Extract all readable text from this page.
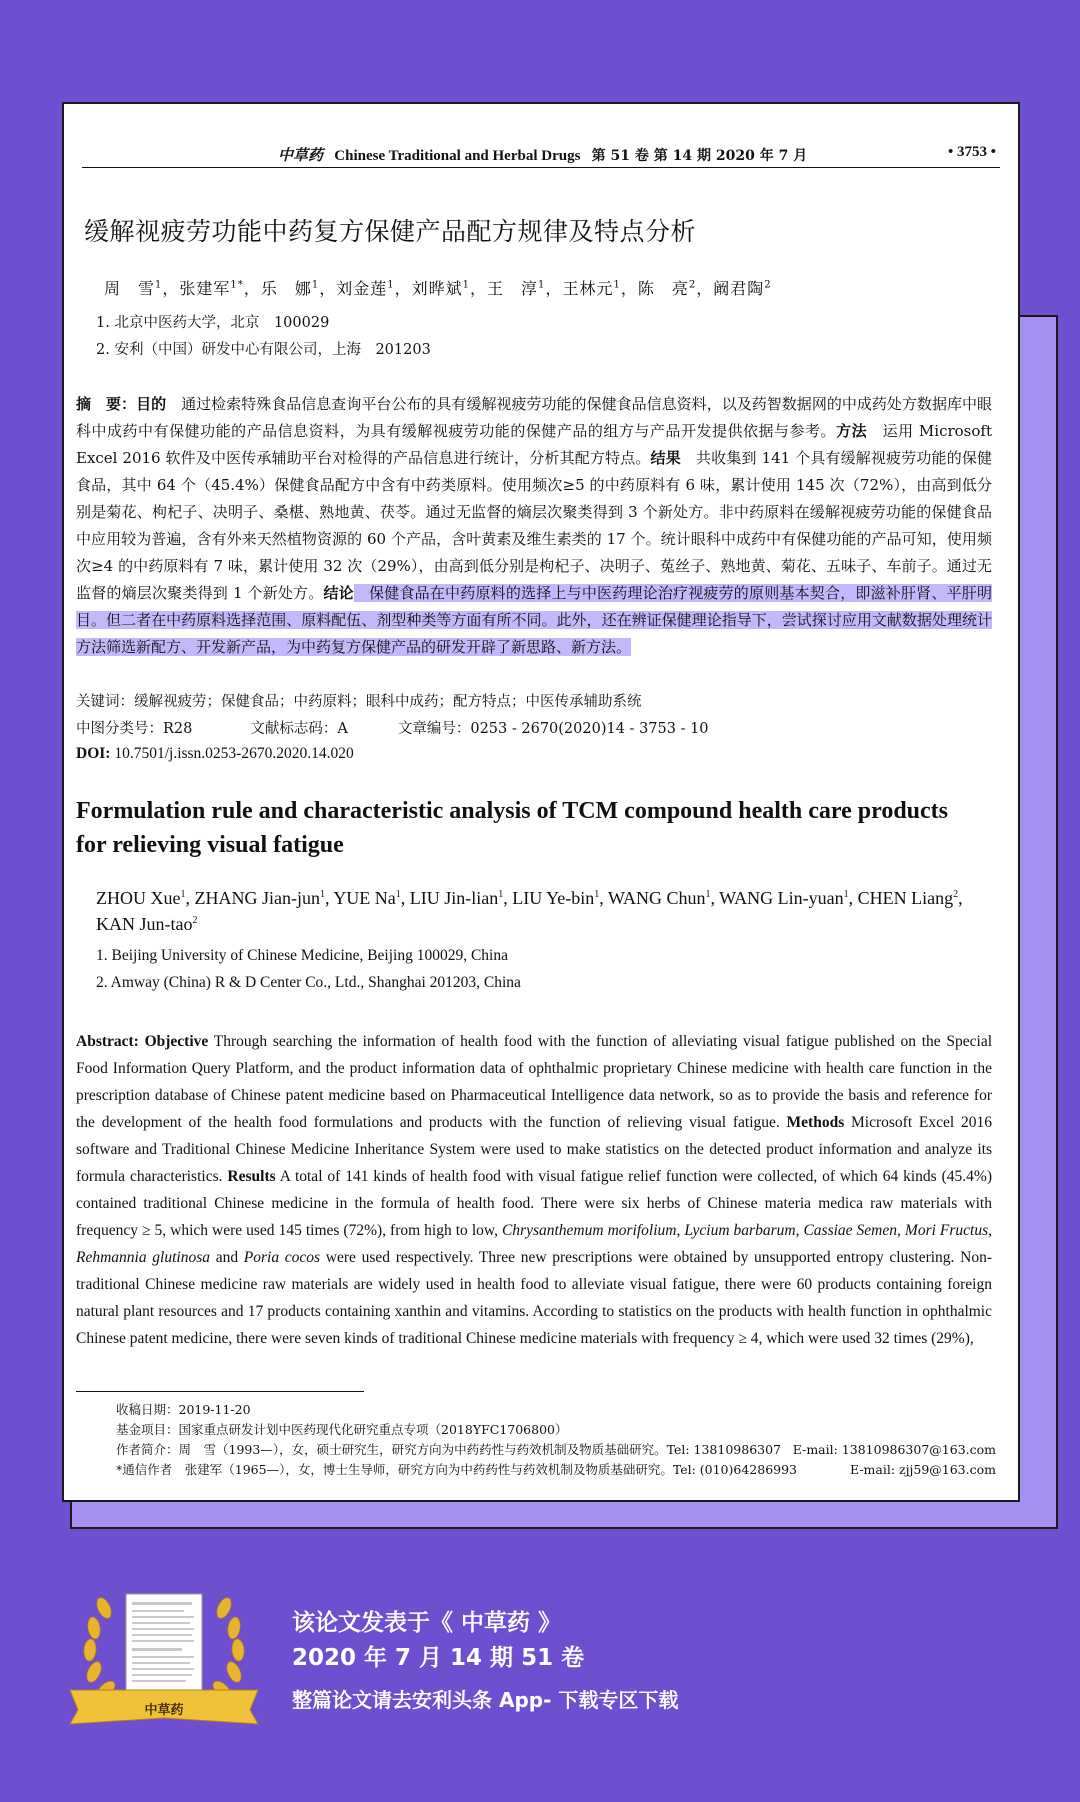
中草药 Chinese Traditional and Herbal Drugs 第 51 卷 第 14 期 2020 年 7 月	• 3753 •
缓解视疲劳功能中药复方保健产品配方规律及特点分析
周　雪$^1$，张建军$^{1*}$，乐　娜$^1$，刘金莲$^1$，刘晔斌$^1$，王　淳$^1$，王林元$^1$，陈　亮$^2$，阚君陶$^2$
1. 北京中医药大学，北京　100029
2. 安利（中国）研发中心有限公司，上海　201203
摘　要：目的　通过检索特殊食品信息查询平台公布的具有缓解视疲劳功能的保健食品信息资料，以及药智数据网的中成药处方数据库中眼科中成药中有保健功能的产品信息资料，为具有缓解视疲劳功能的保健产品的组方与产品开发提供依据与参考。方法　运用 Microsoft Excel 2016 软件及中医传承辅助平台对检得的产品信息进行统计，分析其配方特点。结果　共收集到 141 个具有缓解视疲劳功能的保健食品，其中 64 个（45.4%）保健食品配方中含有中药类原料。使用频次≥5 的中药原料有 6 味，累计使用 145 次（72%），由高到低分别是菊花、枸杞子、决明子、桑椹、熟地黄、茯苓。通过无监督的熵层次聚类得到 3 个新处方。非中药原料在缓解视疲劳功能的保健食品中应用较为普遍，含有外来天然植物资源的 60 个产品，含叶黄素及维生素类的 17 个。统计眼科中成药中有保健功能的产品可知，使用频次≥4 的中药原料有 7 味，累计使用 32 次（29%），由高到低分别是枸杞子、决明子、菟丝子、熟地黄、菊花、五味子、车前子。通过无监督的熵层次聚类得到 1 个新处方。结论　保健食品在中药原料的选择上与中医药理论治疗视疲劳的原则基本契合，即滋补肝肾、平肝明目。但二者在中药原料选择范围、原料配伍、剂型种类等方面有所不同。此外，还在辨证保健理论指导下，尝试探讨应用文献数据处理统计方法筛选新配方、开发新产品，为中药复方保健产品的研发开辟了新思路、新方法。
关键词：缓解视疲劳；保健食品；中药原料；眼科中成药；配方特点；中医传承辅助系统
中图分类号：R28	文献标志码：A	文章编号：0253 - 2670(2020)14 - 3753 - 10
DOI: 10.7501/j.issn.0253-2670.2020.14.020
Formulation rule and characteristic analysis of TCM compound health care products for relieving visual fatigue
ZHOU Xue$^1$, ZHANG Jian-jun$^1$, YUE Na$^1$, LIU Jin-lian$^1$, LIU Ye-bin$^1$, WANG Chun$^1$, WANG Lin-yuan$^1$, CHEN Liang$^2$, KAN Jun-tao$^2$
1. Beijing University of Chinese Medicine, Beijing 100029, China
2. Amway (China) R & D Center Co., Ltd., Shanghai 201203, China
Abstract: Objective Through searching the information of health food with the function of alleviating visual fatigue published on the Special Food Information Query Platform, and the product information data of ophthalmic proprietary Chinese medicine with health care function in the prescription database of Chinese patent medicine based on Pharmaceutical Intelligence data network, so as to provide the basis and reference for the development of the health food formulations and products with the function of relieving visual fatigue. Methods Microsoft Excel 2016 software and Traditional Chinese Medicine Inheritance System were used to make statistics on the detected product information and analyze its formula characteristics. Results A total of 141 kinds of health food with visual fatigue relief function were collected, of which 64 kinds (45.4%) contained traditional Chinese medicine in the formula of health food. There were six herbs of Chinese materia medica raw materials with frequency ≥ 5, which were used 145 times (72%), from high to low, Chrysanthemum morifolium, Lycium barbarum, Cassiae Semen, Mori Fructus, Rehmannia glutinosa and Poria cocos were used respectively. Three new prescriptions were obtained by unsupported entropy clustering. Non-traditional Chinese medicine raw materials are widely used in health food to alleviate visual fatigue, there were 60 products containing foreign natural plant resources and 17 products containing xanthin and vitamins. According to statistics on the products with health function in ophthalmic Chinese patent medicine, there were seven kinds of traditional Chinese medicine materials with frequency ≥ 4, which were used 32 times (29%),
收稿日期：2019-11-20
基金项目：国家重点研发计划中医药现代化研究重点专项（2018YFC1706800）
作者简介：周　雪（1993—），女，硕士研究生，研究方向为中药药性与药效机制及物质基础研究。Tel: 13810986307 E-mail: 13810986307@163.com
*通信作者　张建军（1965—），女，博士生导师，研究方向为中药药性与药效机制及物质基础研究。Tel: (010)64286993	E-mail: zjj59@163.com
中草药
该论文发表于《 中草药 》
2020 年 7 月 14 期 51 卷
整篇论文请去安利头条 App- 下载专区下载
